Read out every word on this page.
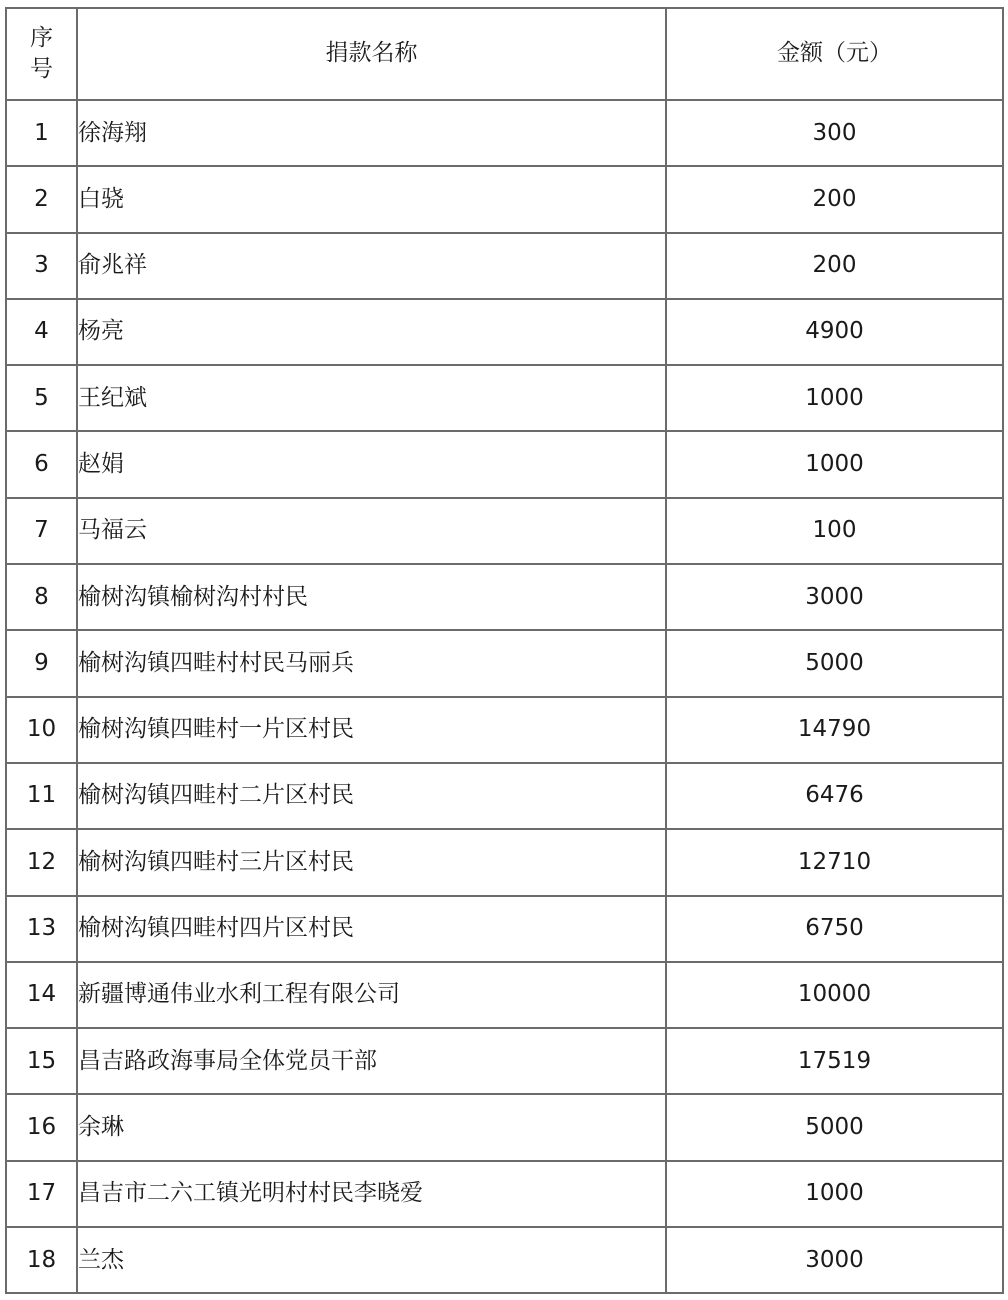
序号	捐款名称	金额（元）
1	徐海翔	300
2	白骁	200
3	俞兆祥	200
4	杨亮	4900
5	王纪斌	1000
6	赵娟	1000
7	马福云	100
8	榆树沟镇榆树沟村村民	3000
9	榆树沟镇四畦村村民马丽兵	5000
10	榆树沟镇四畦村一片区村民	14790
11	榆树沟镇四畦村二片区村民	6476
12	榆树沟镇四畦村三片区村民	12710
13	榆树沟镇四畦村四片区村民	6750
14	新疆博通伟业水利工程有限公司	10000
15	昌吉路政海事局全体党员干部	17519
16	余琳	5000
17	昌吉市二六工镇光明村村民李晓爱	1000
18	兰杰	3000
